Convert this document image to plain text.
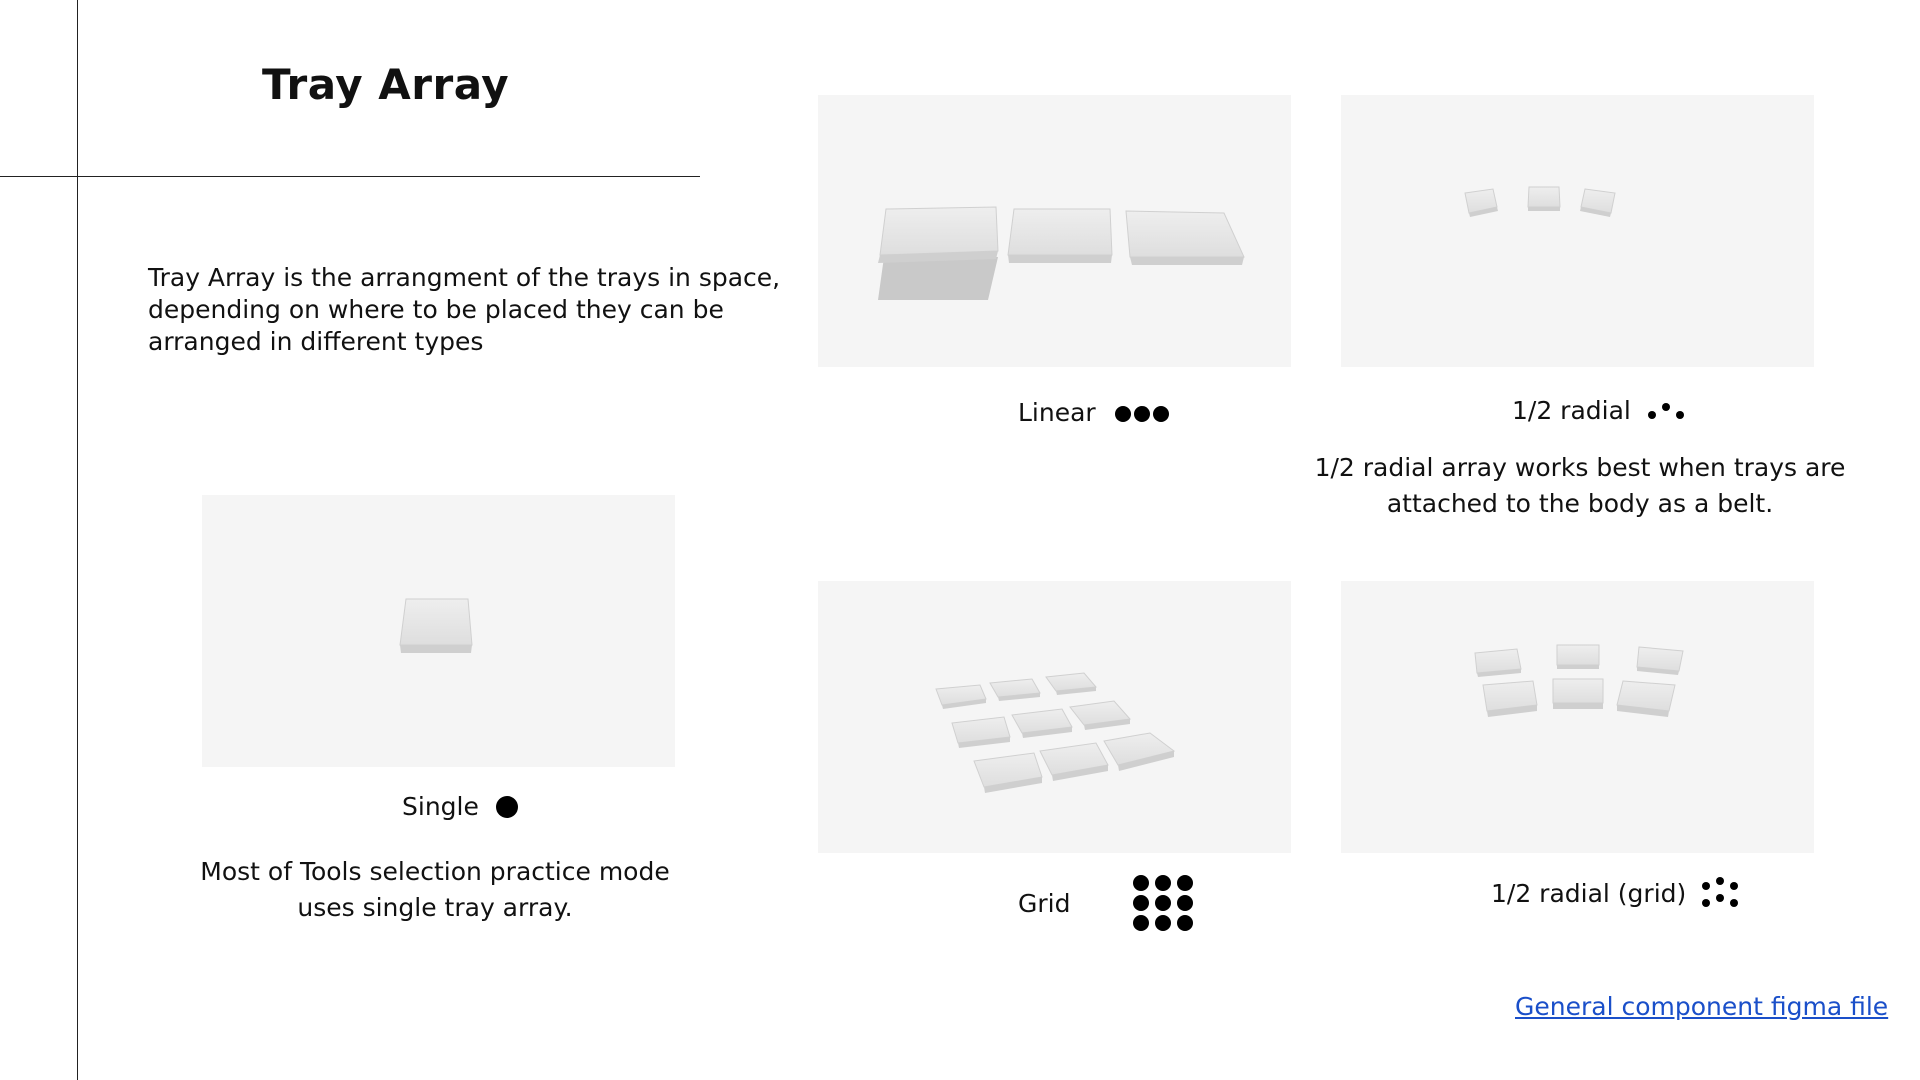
Tray Array
Tray Array is the arrangment of the trays in space, depending on where to be placed they can be arranged in different types
Linear	1/2 radial
1/2 radial array works best when trays are
attached to the body as a belt.
Single
Most of Tools selection practice mode
uses single tray array.	Grid	1/2 radial (grid)
General component figma file
